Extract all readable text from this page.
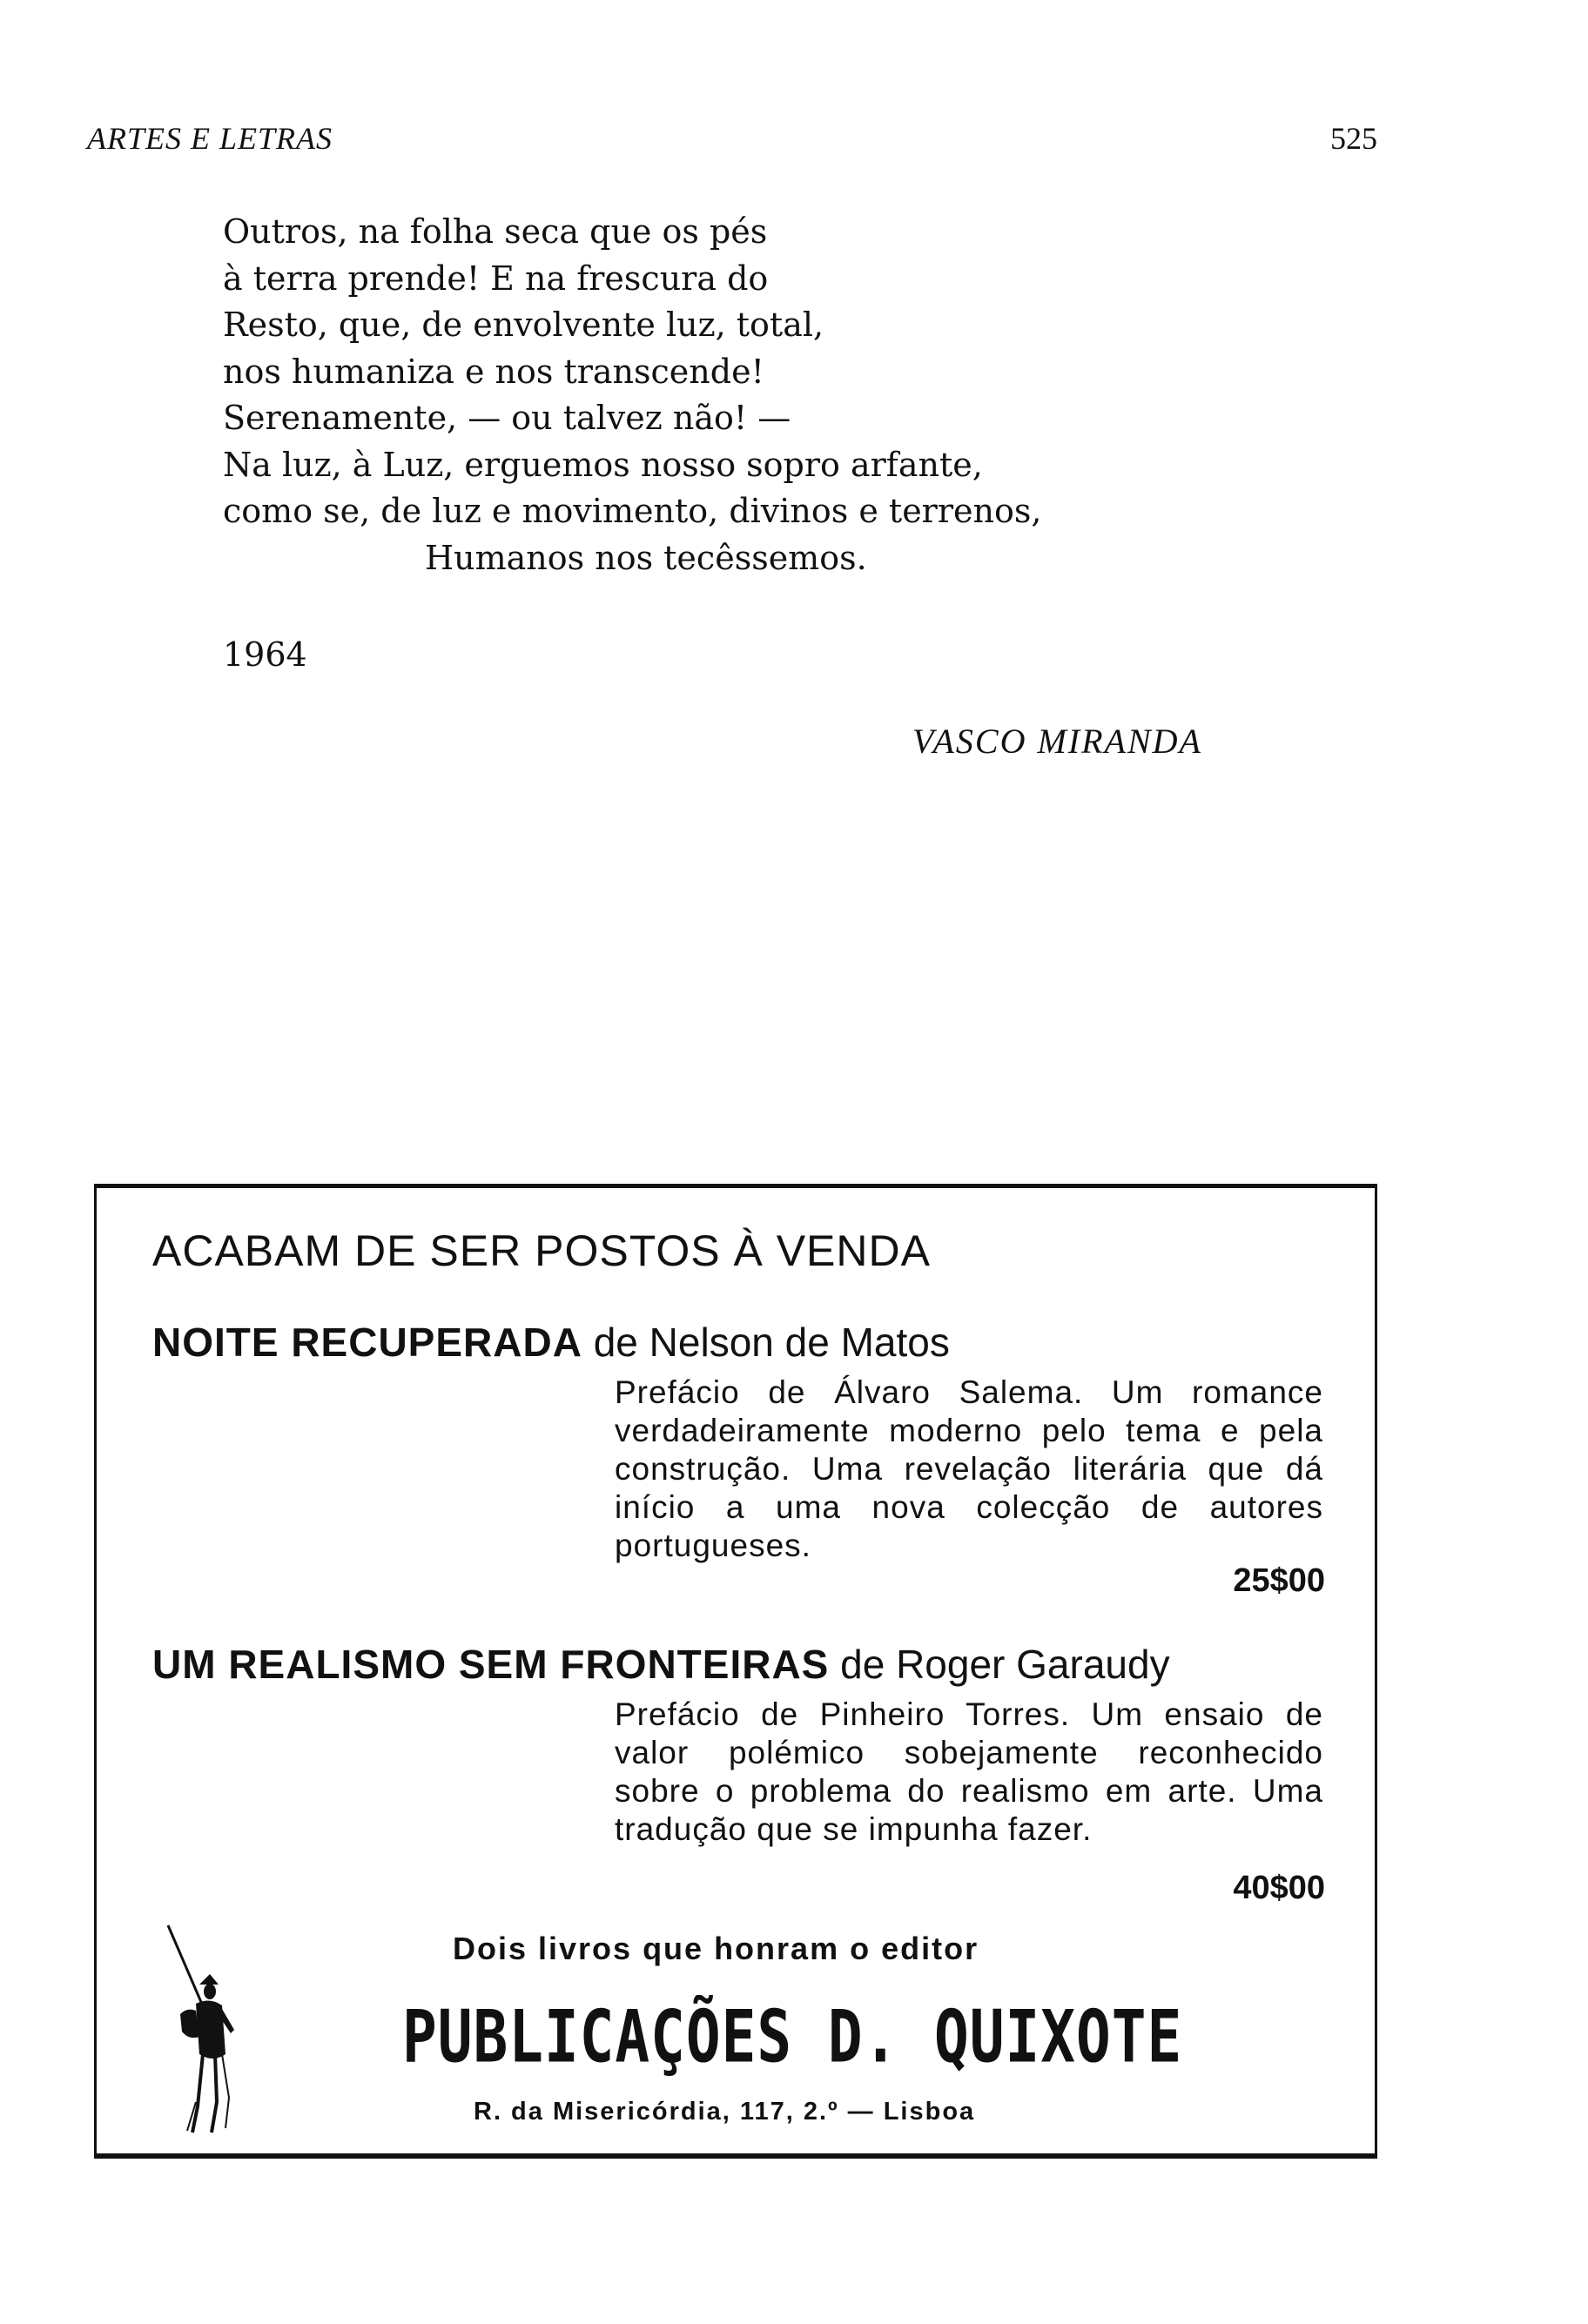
ARTES E LETRAS	525
Outros, na folha seca que os pés
à terra prende! E na frescura do
Resto, que, de envolvente luz, total,
nos humaniza e nos transcende!
Serenamente, — ou talvez não! —
Na luz, à Luz, erguemos nosso sopro arfante,
como se, de luz e movimento, divinos e terrenos,
Humanos nos tecêssemos.
1964
VASCO MIRANDA
ACABAM DE SER POSTOS À VENDA
NOITE RECUPERADA de Nelson de Matos
Prefácio de Álvaro Salema. Um romance verdadeiramente moderno pelo tema e pela construção. Uma revelação literária que dá início a uma nova colecção de autores portugueses.
25$00
UM REALISMO SEM FRONTEIRAS de Roger Garaudy
Prefácio de Pinheiro Torres. Um ensaio de valor polémico sobejamente reconhecido sobre o problema do realismo em arte. Uma tradução que se impunha fazer.
40$00
Dois livros que honram o editor
PUBLICAÇÕES D. QUIXOTE
R. da Misericórdia, 117, 2.º — Lisboa
